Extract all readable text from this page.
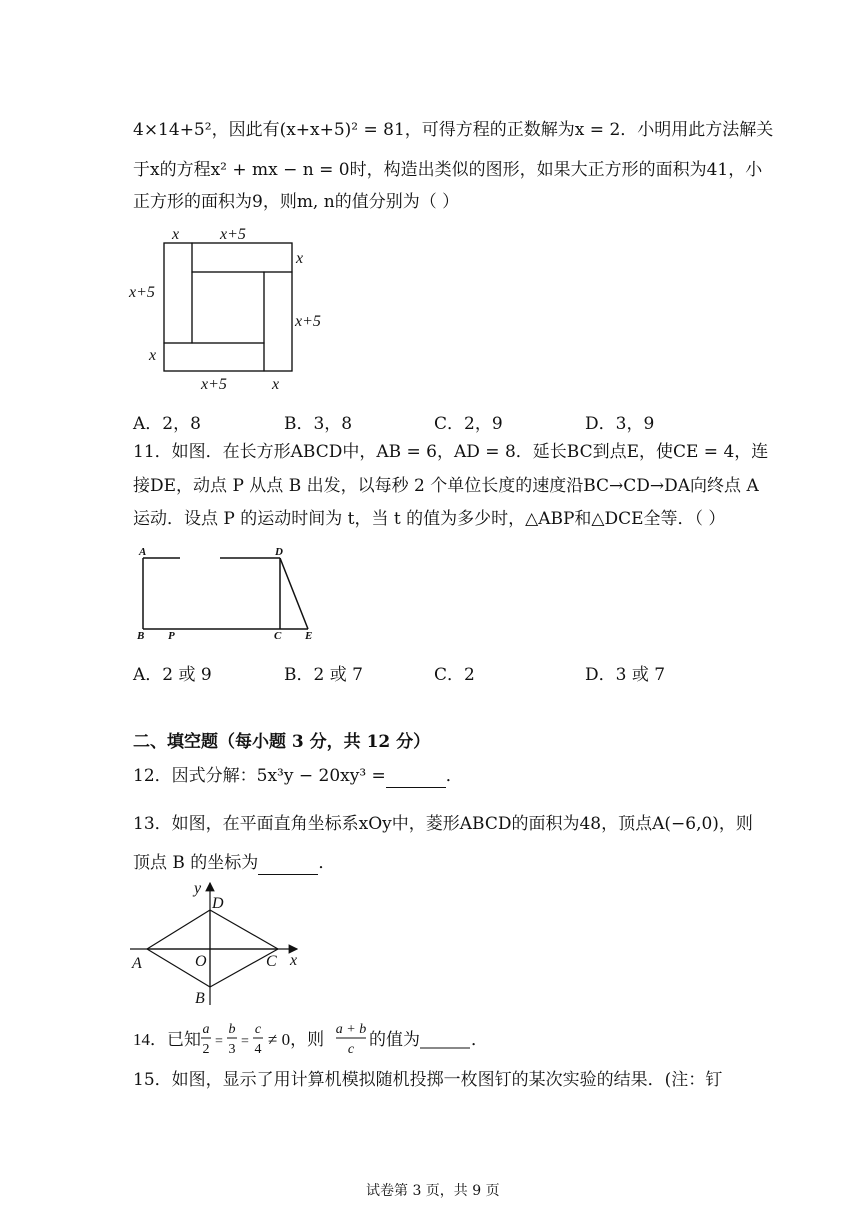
4×14+5²，因此有(x+x+5)² = 81，可得方程的正数解为x = 2．小明用此方法解关
于x的方程x² + mx − n = 0时，构造出类似的图形，如果大正方形的面积为41，小
正方形的面积为9，则m, n的值分别为（ ）
x	x+5
x
x+5
x+5
x
x+5	x
A．2，8	B．3，8	C．2，9	D．3，9
11．如图．在长方形ABCD中，AB = 6，AD = 8．延长BC到点E，使CE = 4，连
接DE，动点 P 从点 B 出发，以每秒 2 个单位长度的速度沿BC→CD→DA向终点 A
运动．设点 P 的运动时间为 t，当 t 的值为多少时，△ABP和△DCE全等．（ ）
A	D
B P	C E
A．2 或 9	B．2 或 7	C．2	D．3 或 7
二、填空题（每小题 3 分，共 12 分）
12．因式分解：5x³y − 20xy³ =	．
13．如图，在平面直角坐标系xOy中，菱形ABCD的面积为48，顶点A(−6,0)，则
顶点 B 的坐标为	．
y
D
A	O	C x
B
14．已知
a
2
=
b
3
=
c
4
≠ 0，则
a + b
c
的值为	．
15．如图，显示了用计算机模拟随机投掷一枚图钉的某次实验的结果．(注：钉
试卷第 3 页，共 9 页
